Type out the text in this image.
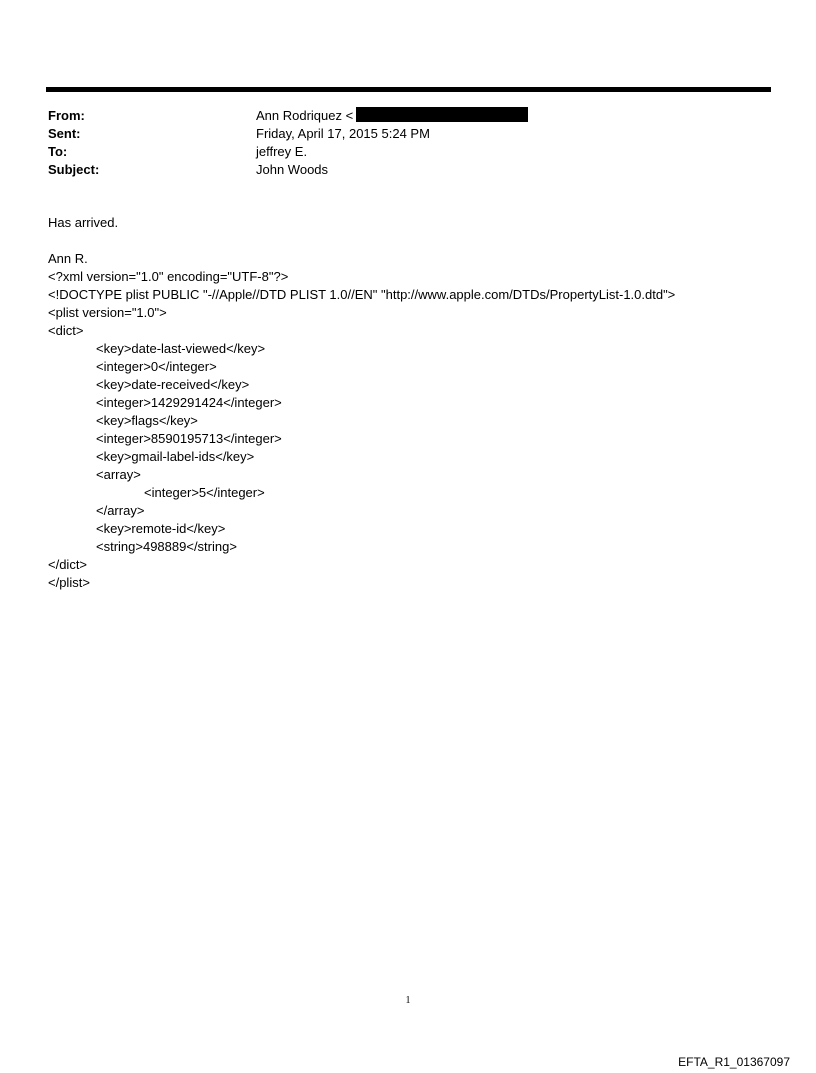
From:	Ann Rodriquez <
Sent:	Friday, April 17, 2015 5:24 PM
To:	jeffrey E.
Subject:	John Woods
Has arrived.
Ann R.
<?xml version="1.0" encoding="UTF-8"?>
<!DOCTYPE plist PUBLIC "-//Apple//DTD PLIST 1.0//EN" "http://www.apple.com/DTDs/PropertyList-1.0.dtd">
<plist version="1.0">
<dict>
<key>date-last-viewed</key>
<integer>0</integer>
<key>date-received</key>
<integer>1429291424</integer>
<key>flags</key>
<integer>8590195713</integer>
<key>gmail-label-ids</key>
<array>
<integer>5</integer>
</array>
<key>remote-id</key>
<string>498889</string>
</dict>
</plist>
1
EFTA_R1_01367097
